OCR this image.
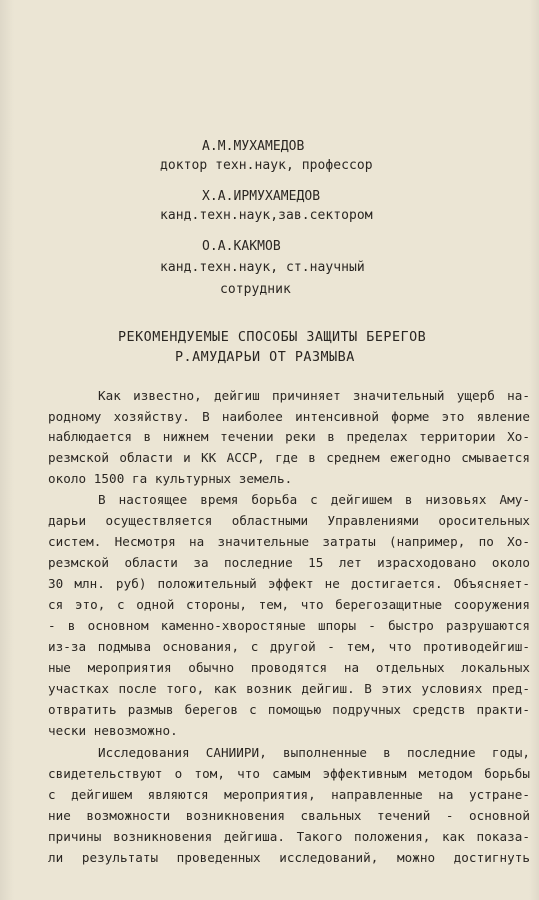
А.М.МУХАМЕДОВ
доктор техн.наук, профессор
Х.А.ИРМУХАМЕДОВ
канд.техн.наук,зав.сектором
О.А.КАКМОВ
канд.техн.наук, ст.научный
сотрудник
РЕКОМЕНДУЕМЫЕ СПОСОБЫ ЗАЩИТЫ БЕРЕГОВ
Р.АМУДАРЬИ ОТ РАЗМЫВА
Как известно, дейгиш причиняет значительный ущерб на-
родному хозяйству. В наиболее интенсивной форме это явление
наблюдается в нижнем течении реки в пределах территории Хо-
резмской области и КК АССР, где в среднем ежегодно смывается
около 1500 га культурных земель.
В настоящее время борьба с дейгишем в низовьях Аму-
дарьи осуществляется областными Управлениями оросительных
систем. Несмотря на значительные затраты (например, по Хо-
резмской области за последние 15 лет израсходовано около
30 млн. руб) положительный эффект не достигается. Объясняет-
ся это, с одной стороны, тем, что берегозащитные сооружения
- в основном каменно-хворостяные шпоры - быстро разрушаются
из-за подмыва основания, с другой - тем, что противодейгиш-
ные мероприятия обычно проводятся на отдельных локальных
участках после того, как возник дейгиш. В этих условиях пред-
отвратить размыв берегов с помощью подручных средств практи-
чески невозможно.
Исследования САНИИРИ, выполненные в последние годы,
свидетельствуют о том, что самым эффективным методом борьбы
с дейгишем являются мероприятия, направленные на устране-
ние возможности возникновения свальных течений - основной
причины возникновения дейгиша. Такого положения, как показа-
ли результаты проведенных исследований, можно достигнуть
